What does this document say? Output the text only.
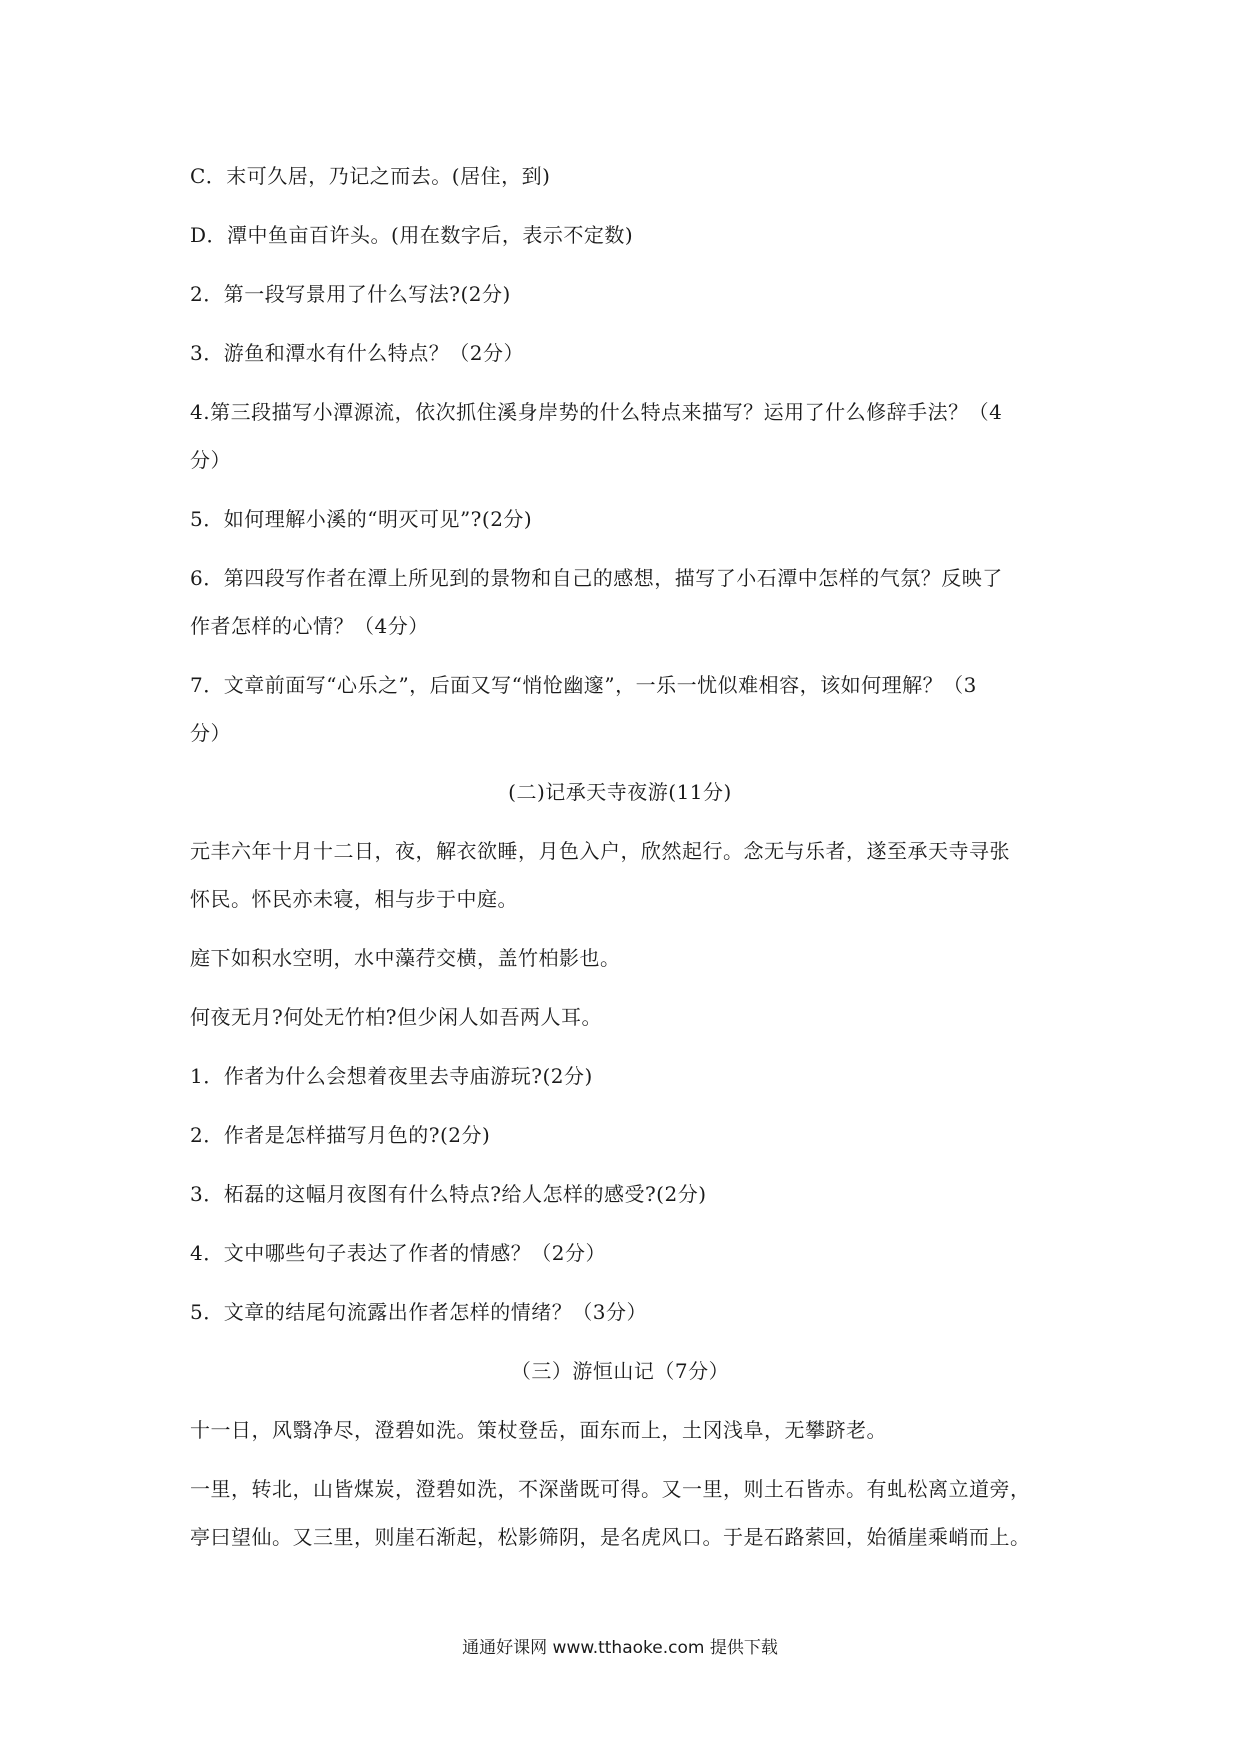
C．末可久居，乃记之而去。(居住，到)
D．潭中鱼亩百许头。(用在数字后，表示不定数)
2．第一段写景用了什么写法?(2分)
3．游鱼和潭水有什么特点？（2分）
4.第三段描写小潭源流，依次抓住溪身岸势的什么特点来描写？运用了什么修辞手法？（4
分）
5．如何理解小溪的“明灭可见”?(2分)
6．第四段写作者在潭上所见到的景物和自己的感想，描写了小石潭中怎样的气氛？反映了
作者怎样的心情？（4分）
7．文章前面写“心乐之”，后面又写“悄怆幽邃”，一乐一忧似难相容，该如何理解？（3
分）
(二)记承天寺夜游(11分)
元丰六年十月十二日，夜，解衣欲睡，月色入户，欣然起行。念无与乐者，遂至承天寺寻张
怀民。怀民亦未寝，相与步于中庭。
庭下如积水空明，水中藻荇交横，盖竹柏影也。
何夜无月?何处无竹柏?但少闲人如吾两人耳。
1．作者为什么会想着夜里去寺庙游玩?(2分)
2．作者是怎样描写月色的?(2分)
3．柘磊的这幅月夜图有什么特点?给人怎样的感受?(2分)
4．文中哪些句子表达了作者的情感？（2分）
5．文章的结尾句流露出作者怎样的情绪？（3分）
（三）游恒山记（7分）
十一日，风翳净尽，澄碧如洗。策杖登岳，面东而上，土冈浅阜，无攀跻老。
一里，转北，山皆煤炭，澄碧如洗，不深凿既可得。又一里，则土石皆赤。有虬松离立道旁，
亭曰望仙。又三里，则崖石渐起，松影筛阴，是名虎风口。于是石路萦回，始循崖乘峭而上。
通通好课网 www.tthaoke.com 提供下载
